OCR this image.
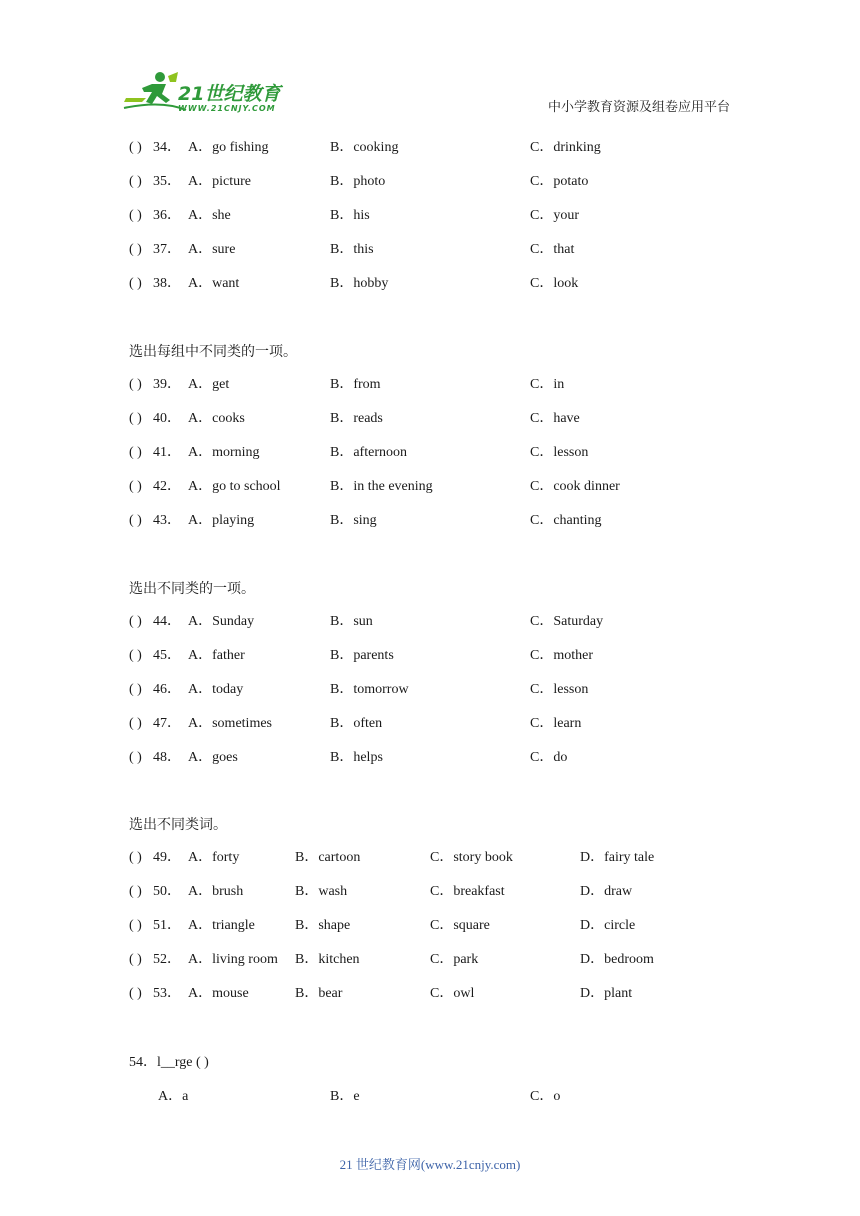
21世纪教育
WWW.21CNJY.COM	中小学教育资源及组卷应用平台
( ) 34． A．go fishing	B．cooking	C．drinking
( ) 35． A．picture	B．photo	C．potato
( ) 36． A．she	B．his	C．your
( ) 37． A．sure	B．this	C．that
( ) 38． A．want	B．hobby	C．look
选出每组中不同类的一项。
( ) 39． A．get	B．from	C．in
( ) 40． A．cooks	B．reads	C．have
( ) 41． A．morning	B．afternoon	C．lesson
( ) 42． A．go to school	B．in the evening	C．cook dinner
( ) 43． A．playing	B．sing	C．chanting
选出不同类的一项。
( ) 44． A．Sunday	B．sun	C．Saturday
( ) 45． A．father	B．parents	C．mother
( ) 46． A．today	B．tomorrow	C．lesson
( ) 47． A．sometimes	B．often	C．learn
( ) 48． A．goes	B．helps	C．do
选出不同类词。
( ) 49． A．forty	B．cartoon	C．story book	D．fairy tale
( ) 50． A．brush	B．wash	C．breakfast	D．draw
( ) 51． A．triangle	B．shape	C．square	D．circle
( ) 52． A．living room B．kitchen	C．park	D．bedroom
( ) 53． A．mouse	B．bear	C．owl	D．plant
54．l__rge ( )
A．a	B．e	C．o
21 世纪教育网(www.21cnjy.com)
